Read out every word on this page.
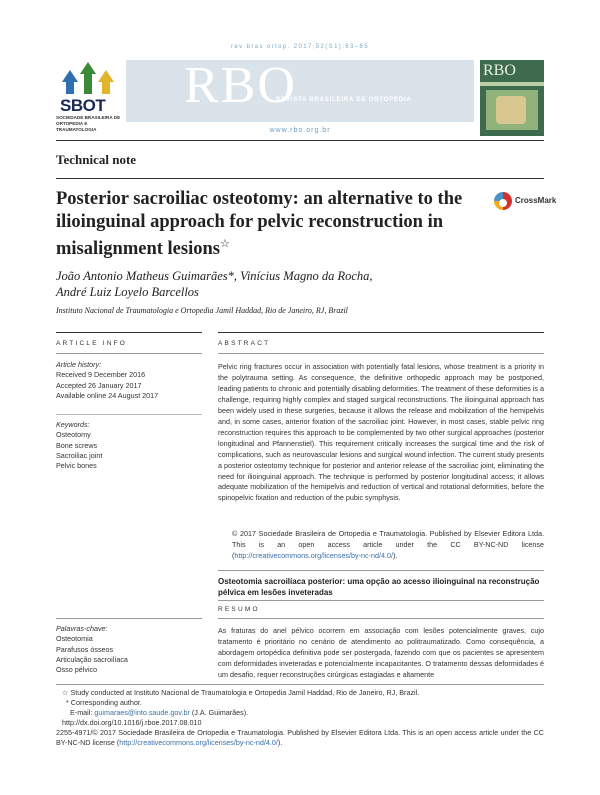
rev bras ortop. 2017;52(S1):63–65
SBOT
SOCIEDADE BRASILEIRA DE ORTOPEDIA E TRAUMATOLOGIA
RBO
REVISTA BRASILEIRA DE ORTOPEDIA
www.rbo.org.br
RBO
Technical note
Posterior sacroiliac osteotomy: an alternative to the ilioinguinal approach for pelvic reconstruction in misalignment lesions☆
CrossMark
João Antonio Matheus Guimarães*, Vinícius Magno da Rocha,
André Luiz Loyelo Barcellos
Instituto Nacional de Traumatologia e Ortopedia Jamil Haddad, Rio de Janeiro, RJ, Brazil
ARTICLE INFO	ABSTRACT
Article history:
Received 9 December 2016
Accepted 26 January 2017
Available online 24 August 2017
Keywords:
Osteotomy
Bone screws
Sacroiliac joint
Pelvic bones
Pelvic ring fractures occur in association with potentially fatal lesions, whose treatment is a priority in the polytrauma setting. As consequence, the definitive orthopedic approach may be postponed, leading patients to chronic and potentially disabling deformities. The treatment of these deformities is a challenge, requiring highly complex and staged surgical reconstructions. The ilioinguinal approach has been widely used in these surgeries, because it allows the release and mobilization of the hemipelvis and, in some cases, anterior fixation of the sacroiliac joint. However, in most cases, stable pelvic ring reconstruction requires this approach to be complemented by two other surgical approaches (posterior longitudinal and Pfannenstiel). This requirement critically increases the surgical time and the risk of complications, such as neurovascular lesions and surgical wound infection. The current study presents a posterior osteotomy technique for posterior and anterior release of the sacroiliac joint, eliminating the need for ilioinguinal approach. The technique is performed by posterior longitudinal access; it allows adequate mobilization of the hemipelvis and reduction of vertical and rotational deformities, before the spinopelvic fixation and reduction of the pubic symphysis.
© 2017 Sociedade Brasileira de Ortopedia e Traumatologia. Published by Elsevier Editora Ltda. This is an open access article under the CC BY-NC-ND license (http://creativecommons.org/licenses/by-nc-nd/4.0/).
Osteotomia sacroilíaca posterior: uma opção ao acesso ilioinguinal na reconstrução pélvica em lesões inveteradas
RESUMO
Palavras-chave:
Osteotomia
Parafusos ósseos
Articulação sacroilíaca
Osso pélvico
As fraturas do anel pélvico ocorrem em associação com lesões potencialmente graves, cujo tratamento é prioritário no cenário de atendimento ao politraumatizado. Como consequência, a abordagem ortopédica definitiva pode ser postergada, fazendo com que os pacientes se apresentem com deformidades inveteradas e potencialmente incapacitantes. O tratamento dessas deformidades é um desafio, requer reconstruções cirúrgicas estagiadas e altamente
☆ Study conducted at Instituto Nacional de Traumatologia e Ortopedia Jamil Haddad, Rio de Janeiro, RJ, Brazil.
* Corresponding author.
E-mail: guimaraes@into.saude.gov.br (J.A. Guimarães).
http://dx.doi.org/10.1016/j.rboe.2017.08.010
2255-4971/© 2017 Sociedade Brasileira de Ortopedia e Traumatologia. Published by Elsevier Editora Ltda. This is an open access article under the CC BY-NC-ND license (http://creativecommons.org/licenses/by-nc-nd/4.0/).
